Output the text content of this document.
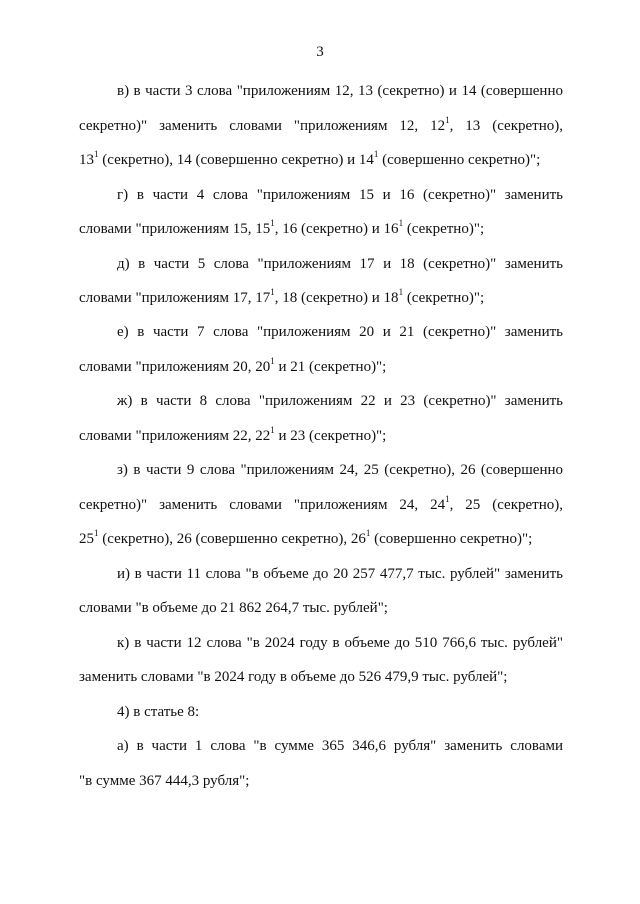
3
в) в части 3 слова "приложениям 12, 13 (секретно) и 14 (совершенно
секретно)" заменить словами "приложениям 12, $12^1$, 13 (секретно),
$13^1$ (секретно), 14 (совершенно секретно) и $14^1$ (совершенно секретно)";
г) в части 4 слова "приложениям 15 и 16 (секретно)" заменить
словами "приложениям 15, $15^1$, 16 (секретно) и $16^1$ (секретно)";
д) в части 5 слова "приложениям 17 и 18 (секретно)" заменить
словами "приложениям 17, $17^1$, 18 (секретно) и $18^1$ (секретно)";
е) в части 7 слова "приложениям 20 и 21 (секретно)" заменить
словами "приложениям 20, $20^1$ и 21 (секретно)";
ж) в части 8 слова "приложениям 22 и 23 (секретно)" заменить
словами "приложениям 22, $22^1$ и 23 (секретно)";
з) в части 9 слова "приложениям 24, 25 (секретно), 26 (совершенно
секретно)" заменить словами "приложениям 24, $24^1$, 25 (секретно),
$25^1$ (секретно), 26 (совершенно секретно), $26^1$ (совершенно секретно)";
и) в части 11 слова "в объеме до 20 257 477,7 тыс. рублей" заменить
словами "в объеме до 21 862 264,7 тыс. рублей";
к) в части 12 слова "в 2024 году в объеме до 510 766,6 тыс. рублей"
заменить словами "в 2024 году в объеме до 526 479,9 тыс. рублей";
4) в статье 8:
а) в части 1 слова "в сумме 365 346,6 рубля" заменить словами
"в сумме 367 444,3 рубля";
